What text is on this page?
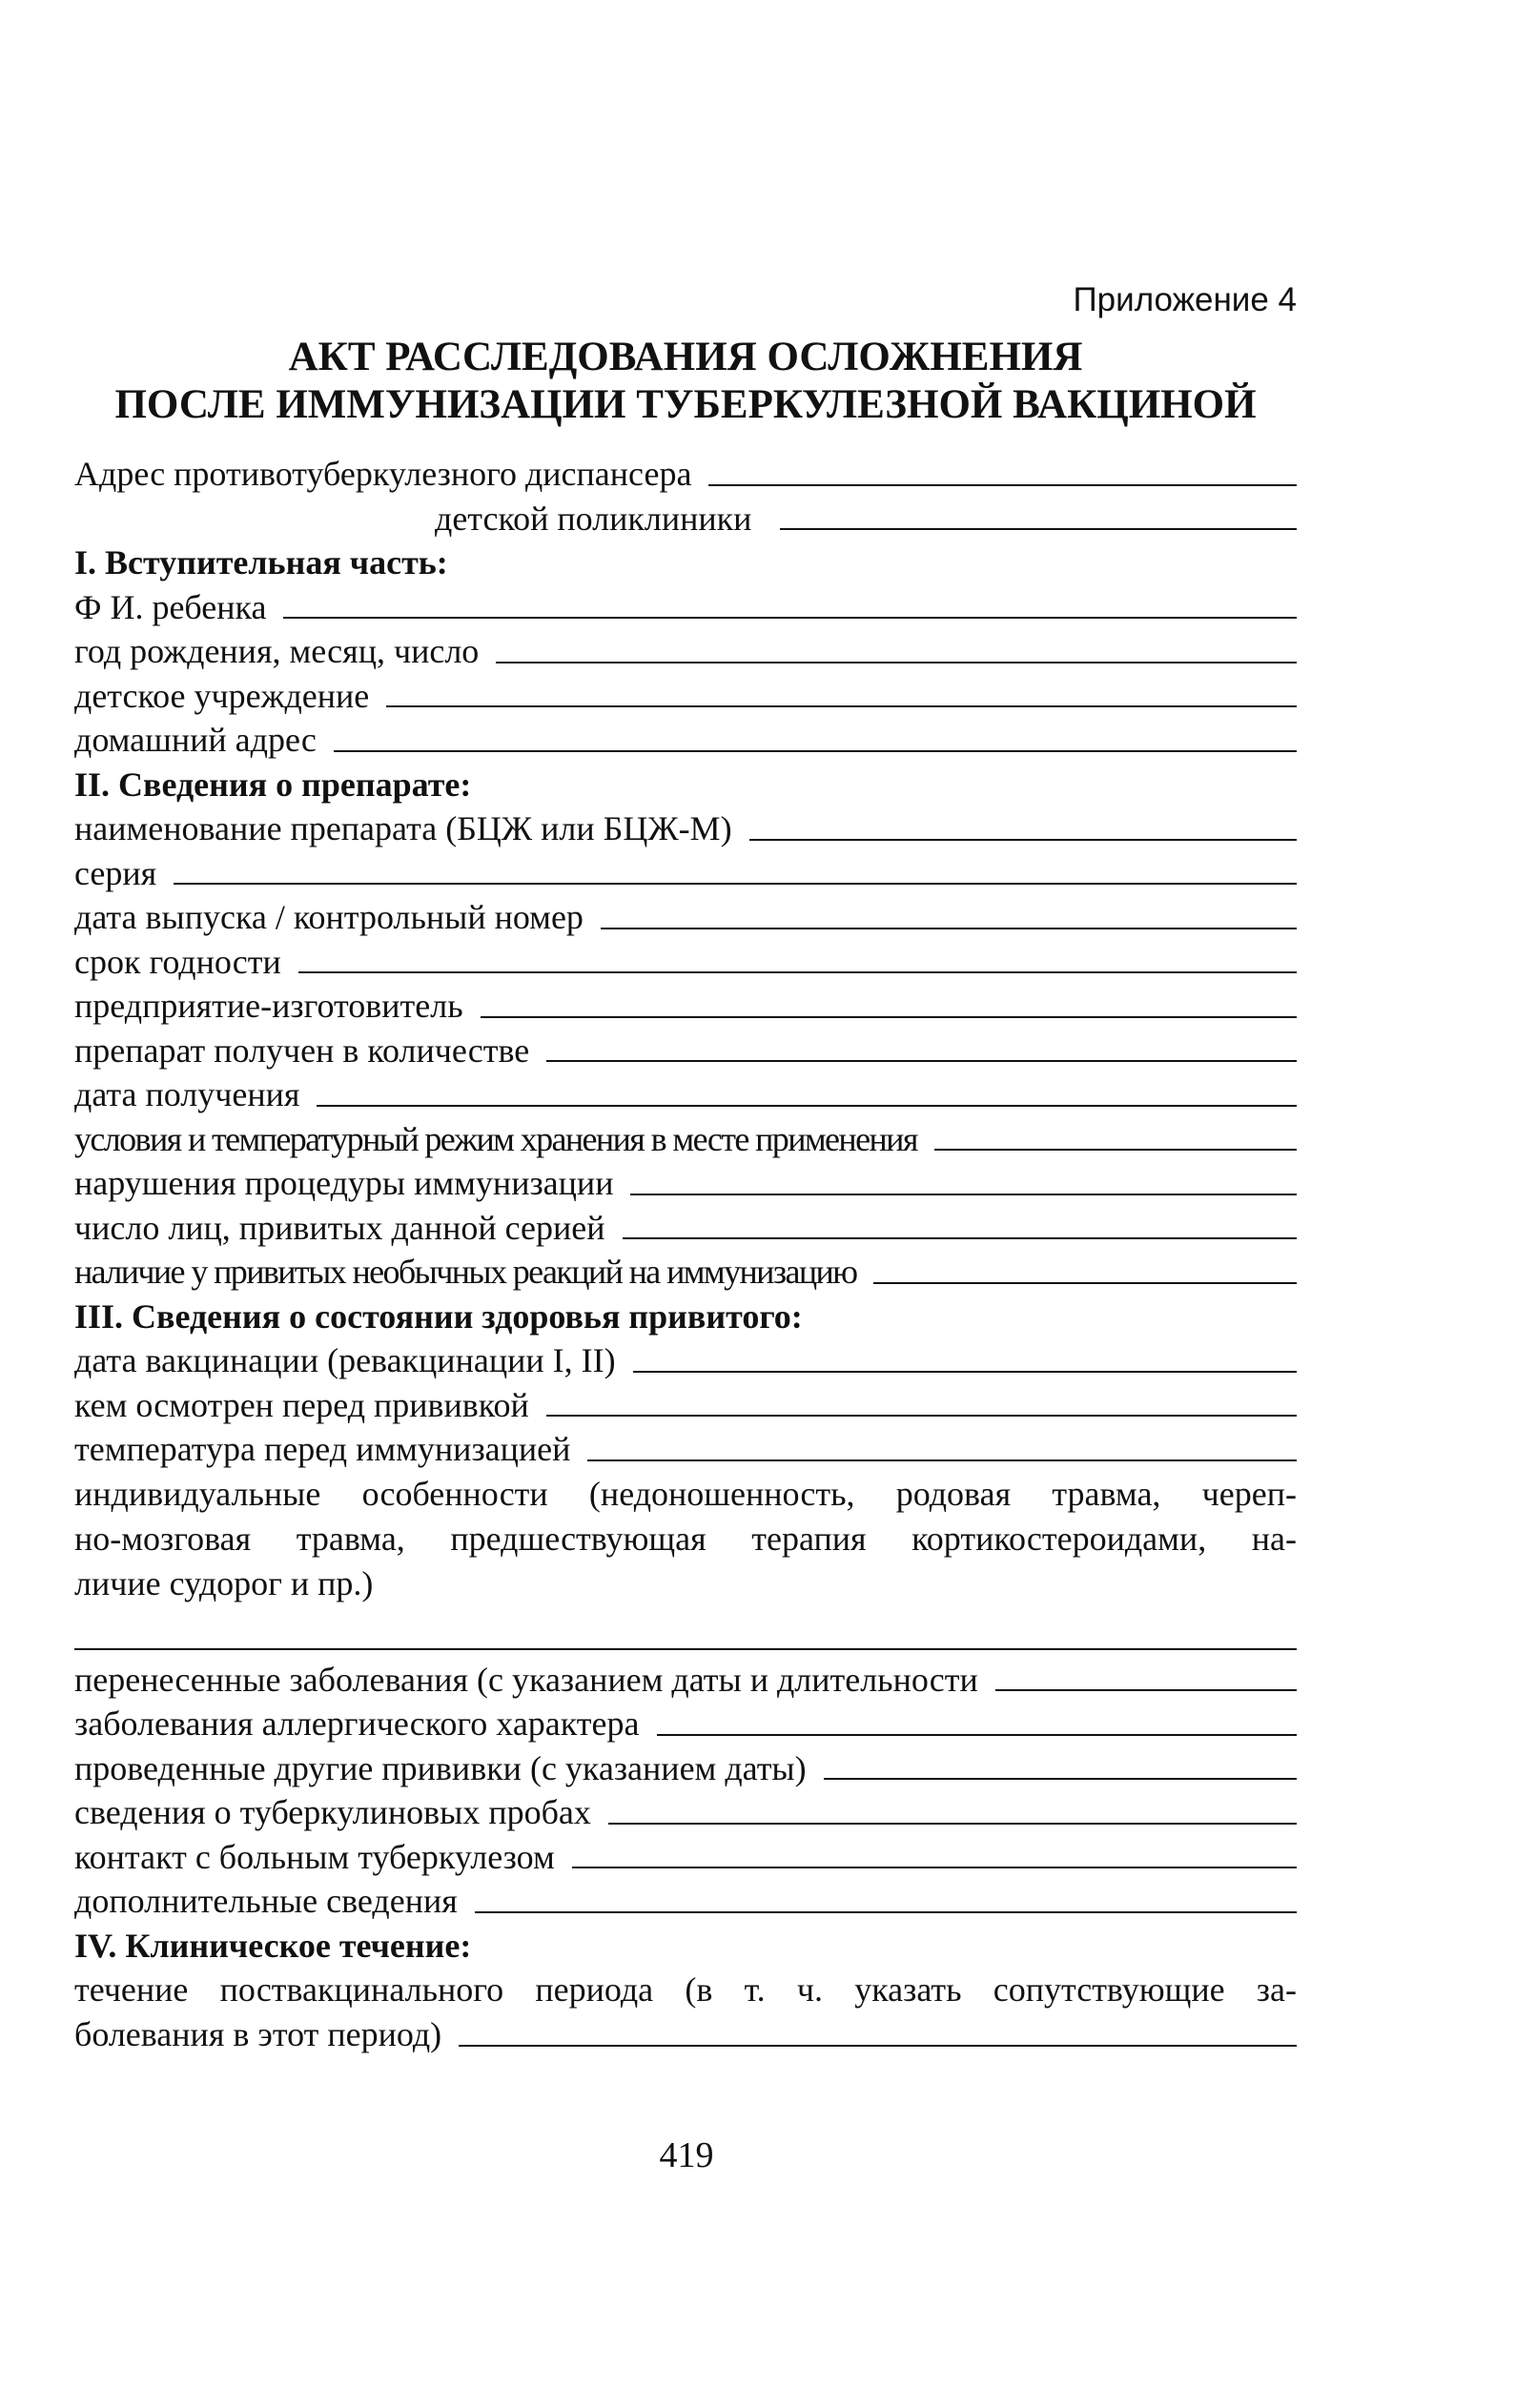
Приложение 4
АКТ РАССЛЕДОВАНИЯ ОСЛОЖНЕНИЯ
ПОСЛЕ ИММУНИЗАЦИИ ТУБЕРКУЛЕЗНОЙ ВАКЦИНОЙ
Адрес противотуберкулезного диспансера
детской поликлиники
I. Вступительная часть:
Ф И. ребенка
год рождения, месяц, число
детское учреждение
домашний адрес
II. Сведения о препарате:
наименование препарата (БЦЖ или БЦЖ-М)
серия
дата выпуска / контрольный номер
срок годности
предприятие-изготовитель
препарат получен в количестве
дата получения
условия и температурный режим хранения в месте применения
нарушения процедуры иммунизации
число лиц, привитых данной серией
наличие у привитых необычных реакций на иммунизацию
III. Сведения о состоянии здоровья привитого:
дата вакцинации (ревакцинации I, II)
кем осмотрен перед прививкой
температура перед иммунизацией
индивидуальные особенности (недоношенность, родовая травма, череп-
но-мозговая травма, предшествующая терапия кортикостероидами, на-
личие судорог и пр.)
перенесенные заболевания (с указанием даты и длительности
заболевания аллергического характера
проведенные другие прививки (с указанием даты)
сведения о туберкулиновых пробах
контакт с больным туберкулезом
дополнительные сведения
IV. Клиническое течение:
течение поствакцинального периода (в т. ч. указать сопутствующие за-
болевания в этот период)
419
